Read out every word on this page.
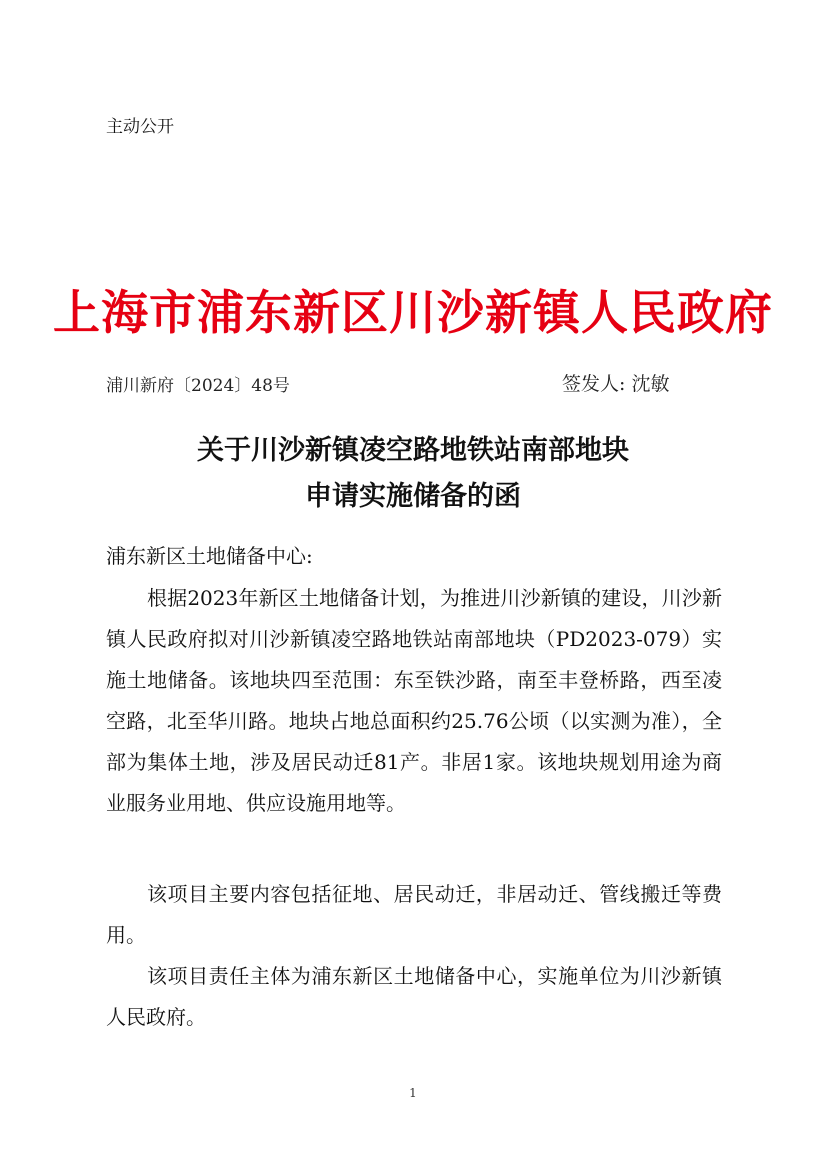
主动公开
上海市浦东新区川沙新镇人民政府
浦川新府〔2024〕48号	签发人: 沈敏
关于川沙新镇凌空路地铁站南部地块
申请实施储备的函
浦东新区土地储备中心:

根据2023年新区土地储备计划，为推进川沙新镇的建设，川沙新镇人民政府拟对川沙新镇凌空路地铁站南部地块（PD2023-079）实施土地储备。该地块四至范围：东至铁沙路，南至丰登桥路，西至凌空路，北至华川路。地块占地总面积约25.76公顷（以实测为准），全部为集体土地，涉及居民动迁81产。非居1家。该地块规划用途为商业服务业用地、供应设施用地等。

该项目主要内容包括征地、居民动迁，非居动迁、管线搬迁等费用。

该项目责任主体为浦东新区土地储备中心，实施单位为川沙新镇人民政府。

1
